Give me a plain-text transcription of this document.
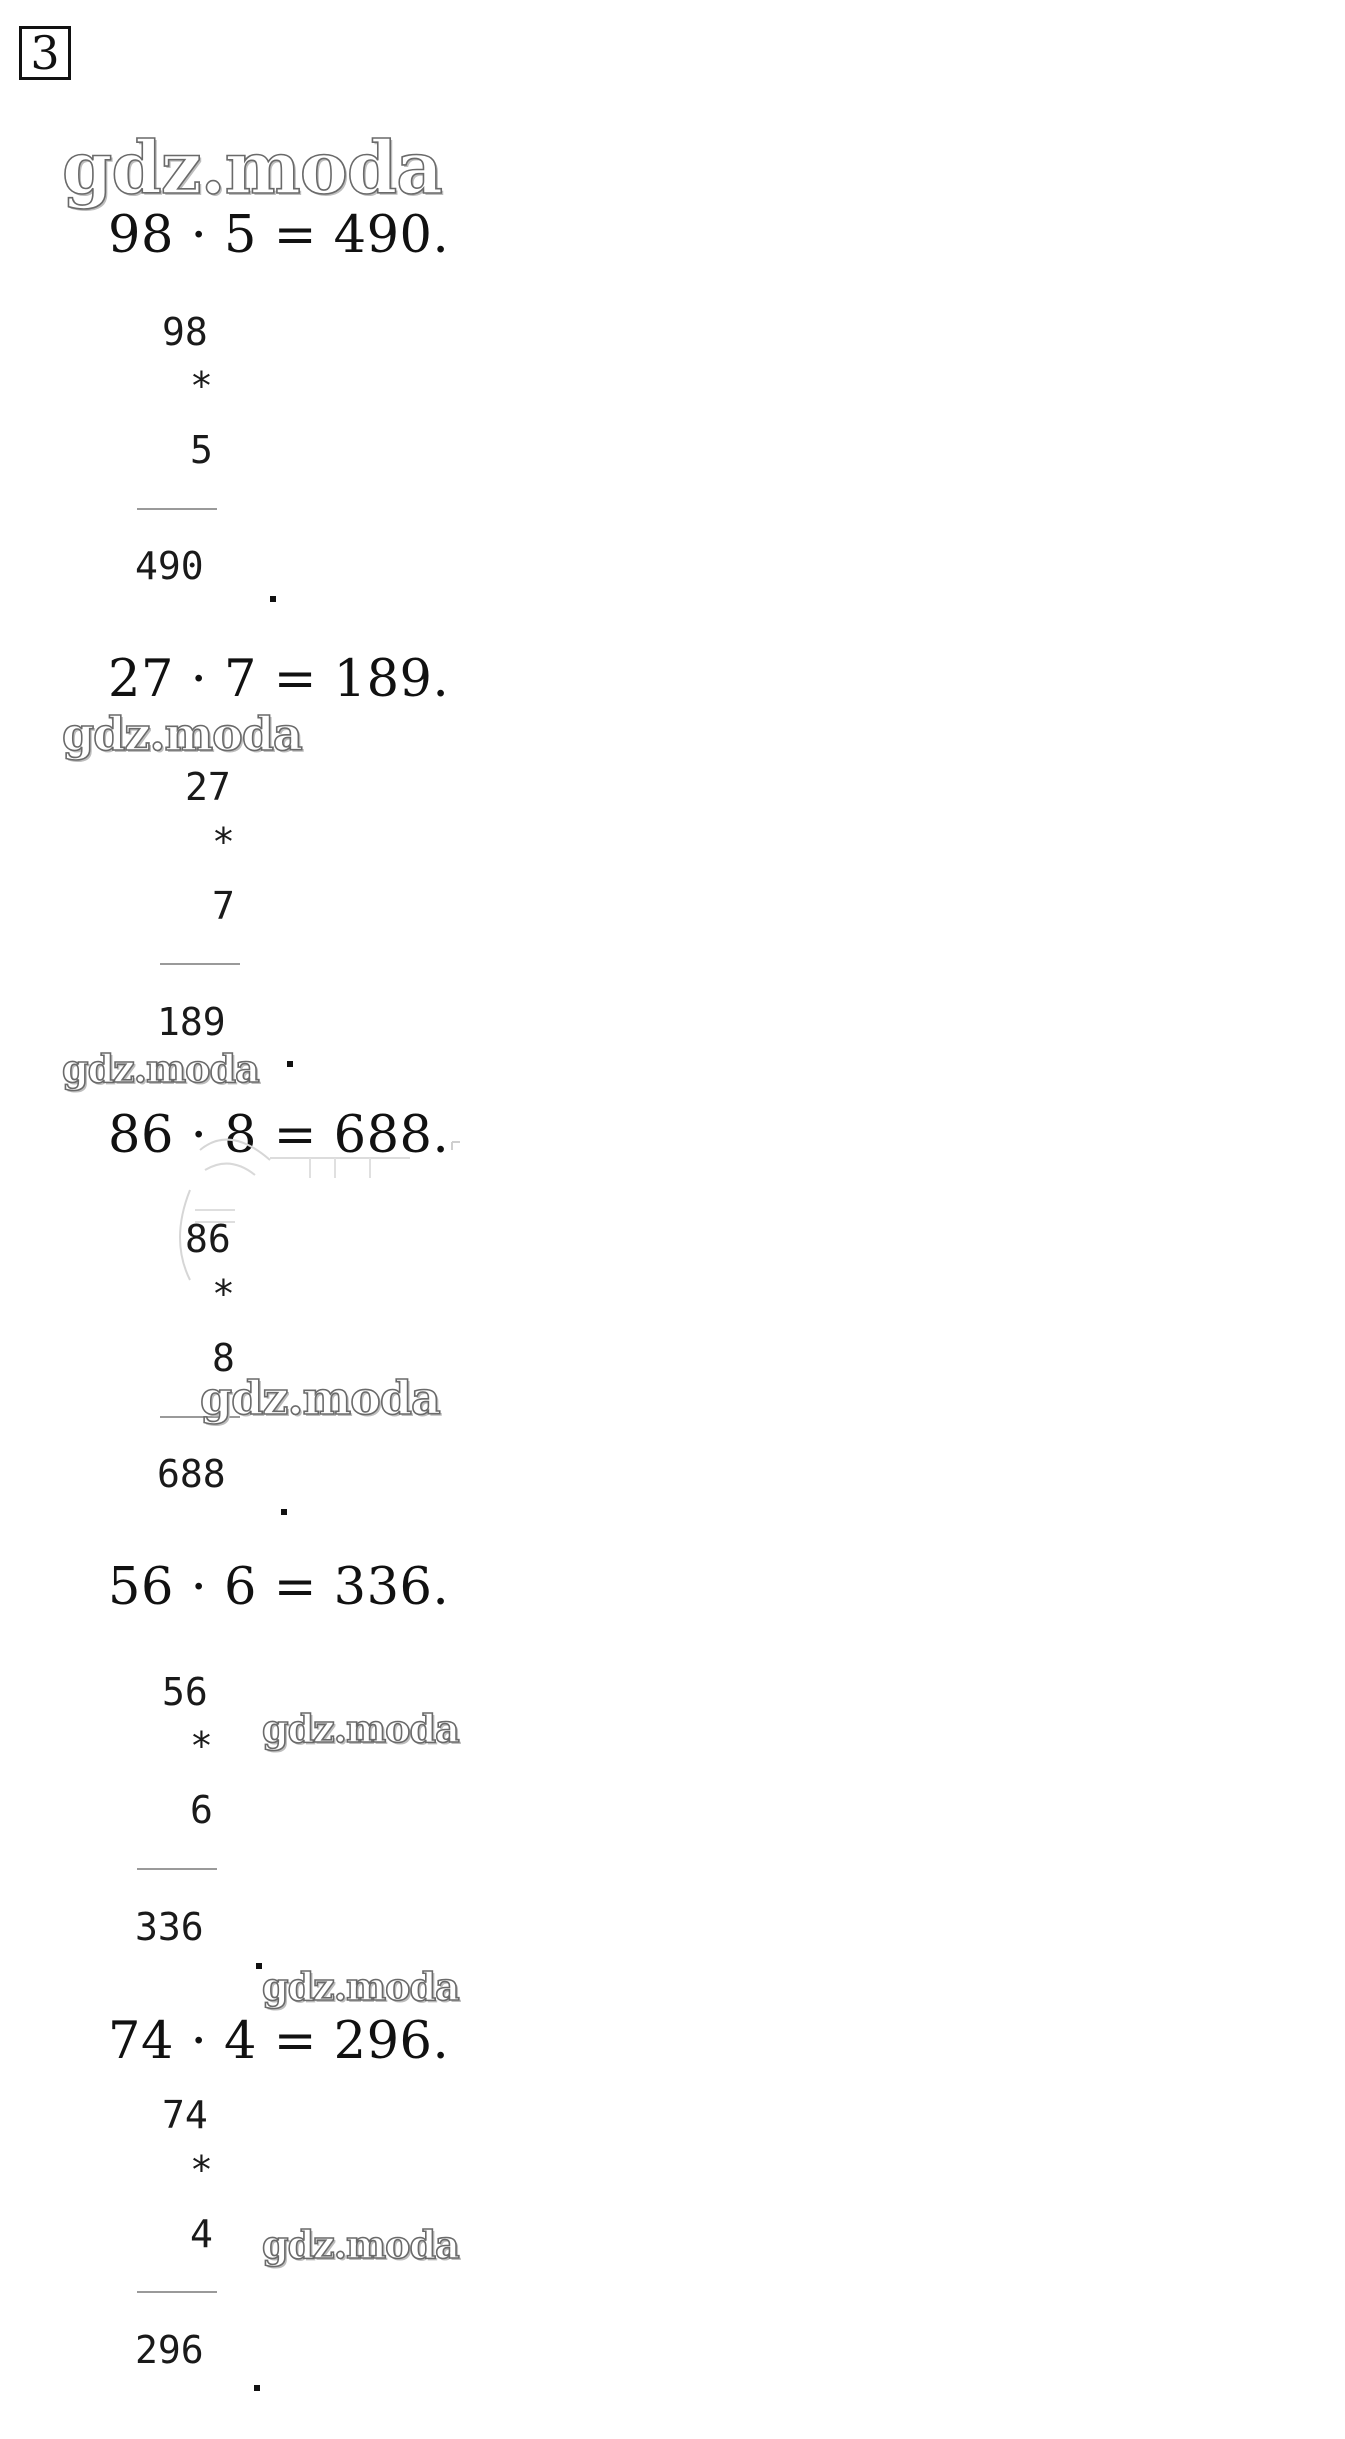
3
98 · 5 = 490.
98
*
5
490
27 · 7 = 189.
27
*
7
189
86 · 8 = 688.
86
*
8
688
56 · 6 = 336.
56
*
6
336
74 · 4 = 296.
74
*
4
296
gdz.moda
gdz.moda
gdz.moda
gdz.moda
gdz.moda
gdz.moda
gdz.moda
